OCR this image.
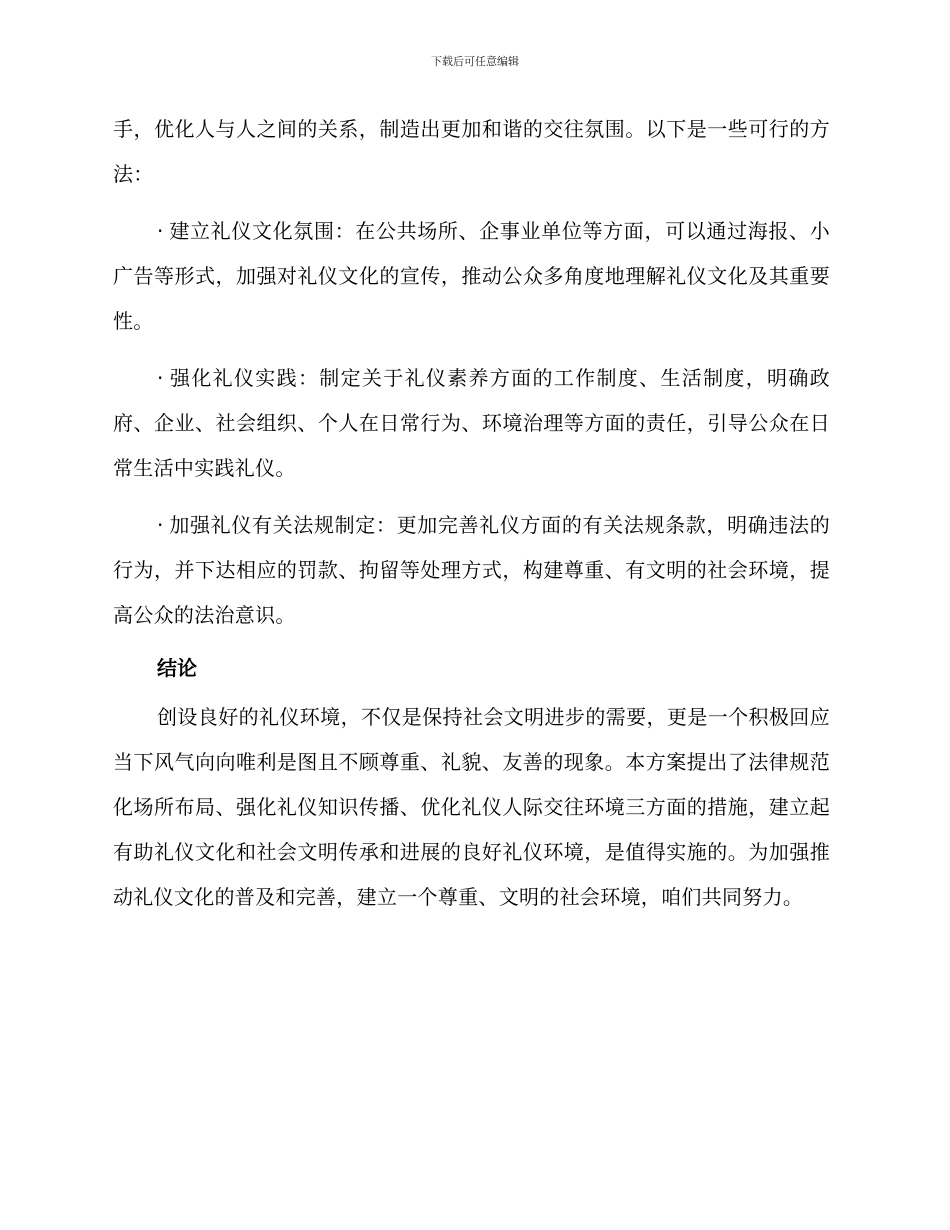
下载后可任意编辑

手，优化人与人之间的关系，制造出更加和谐的交往氛围。以下是一些可行的方法：

· 建立礼仪文化氛围：在公共场所、企事业单位等方面，可以通过海报、小广告等形式，加强对礼仪文化的宣传，推动公众多角度地理解礼仪文化及其重要性。

· 强化礼仪实践：制定关于礼仪素养方面的工作制度、生活制度，明确政府、企业、社会组织、个人在日常行为、环境治理等方面的责任，引导公众在日常生活中实践礼仪。

· 加强礼仪有关法规制定：更加完善礼仪方面的有关法规条款，明确违法的行为，并下达相应的罚款、拘留等处理方式，构建尊重、有文明的社会环境，提高公众的法治意识。

结论

创设良好的礼仪环境，不仅是保持社会文明进步的需要，更是一个积极回应当下风气向向唯利是图且不顾尊重、礼貌、友善的现象。本方案提出了法律规范化场所布局、强化礼仪知识传播、优化礼仪人际交往环境三方面的措施，建立起有助礼仪文化和社会文明传承和进展的良好礼仪环境，是值得实施的。为加强推动礼仪文化的普及和完善，建立一个尊重、文明的社会环境，咱们共同努力。
